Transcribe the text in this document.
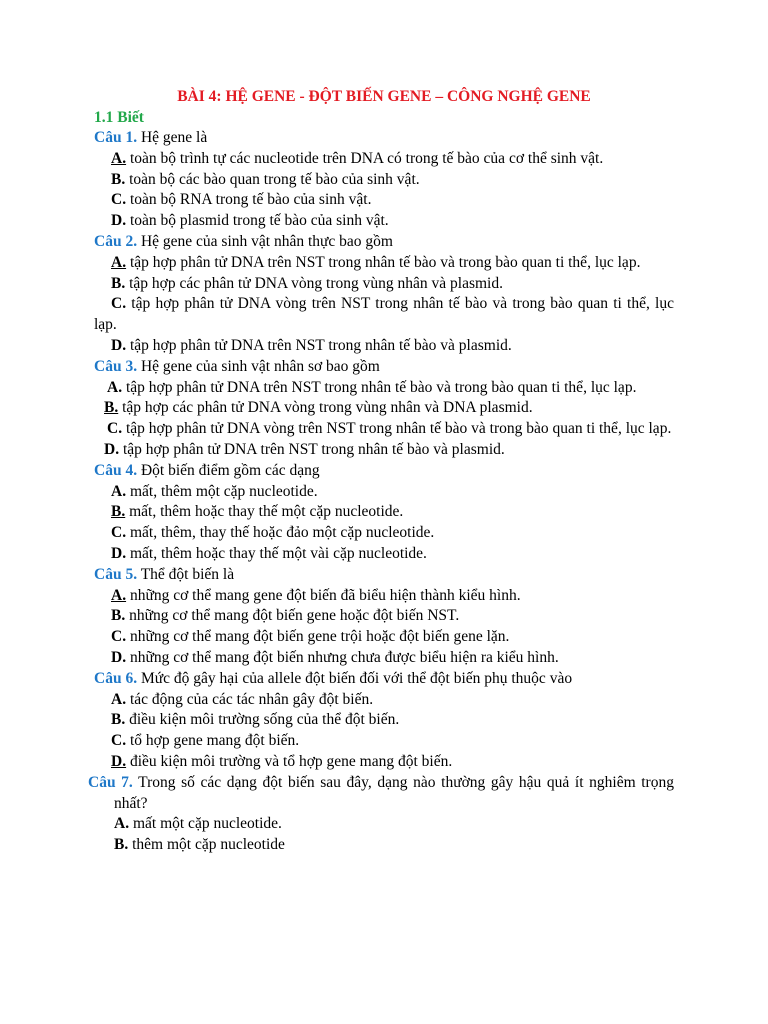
BÀI 4: HỆ GENE - ĐỘT BIẾN GENE – CÔNG NGHỆ GENE
1.1 Biết
Câu 1. Hệ gene là
A. toàn bộ trình tự các nucleotide trên DNA có trong tế bào của cơ thể sinh vật.
B. toàn bộ các bào quan trong tế bào của sinh vật.
C. toàn bộ RNA trong tế bào của sinh vật.
D. toàn bộ plasmid trong tế bào của sinh vật.
Câu 2. Hệ gene của sinh vật nhân thực bao gồm
A. tập hợp phân tử DNA trên NST trong nhân tế bào và trong bào quan ti thể, lục lạp.
B. tập hợp các phân tử DNA vòng trong vùng nhân và plasmid.
C. tập hợp phân tử DNA vòng trên NST trong nhân tế bào và trong bào quan ti thể, lục lạp.
D. tập hợp phân tử DNA trên NST trong nhân tế bào và plasmid.
Câu 3. Hệ gene của sinh vật nhân sơ bao gồm
A. tập hợp phân tử DNA trên NST trong nhân tế bào và trong bào quan ti thể, lục lạp.
B. tập hợp các phân tử DNA vòng trong vùng nhân và DNA plasmid.
C. tập hợp phân tử DNA vòng trên NST trong nhân tế bào và trong bào quan ti thể, lục lạp.
D. tập hợp phân tử DNA trên NST trong nhân tế bào và plasmid.
Câu 4. Đột biến điểm gồm các dạng
A. mất, thêm một cặp nucleotide.
B. mất, thêm hoặc thay thế một cặp nucleotide.
C. mất, thêm, thay thế hoặc đảo một cặp nucleotide.
D. mất, thêm hoặc thay thế một vài cặp nucleotide.
Câu 5. Thể đột biến là
A. những cơ thể mang gene đột biến đã biểu hiện thành kiểu hình.
B. những cơ thể mang đột biến gene hoặc đột biến NST.
C. những cơ thể mang đột biến gene trội hoặc đột biến gene lặn.
D. những cơ thể mang đột biến nhưng chưa được biểu hiện ra kiểu hình.
Câu 6. Mức độ gây hại của allele đột biến đối với thể đột biến phụ thuộc vào
A. tác động của các tác nhân gây đột biến.
B. điều kiện môi trường sống của thể đột biến.
C. tổ hợp gene mang đột biến.
D. điều kiện môi trường và tổ hợp gene mang đột biến.
Câu 7. Trong số các dạng đột biến sau đây, dạng nào thường gây hậu quả ít nghiêm trọng nhất?
A. mất một cặp nucleotide.
B. thêm một cặp nucleotide
